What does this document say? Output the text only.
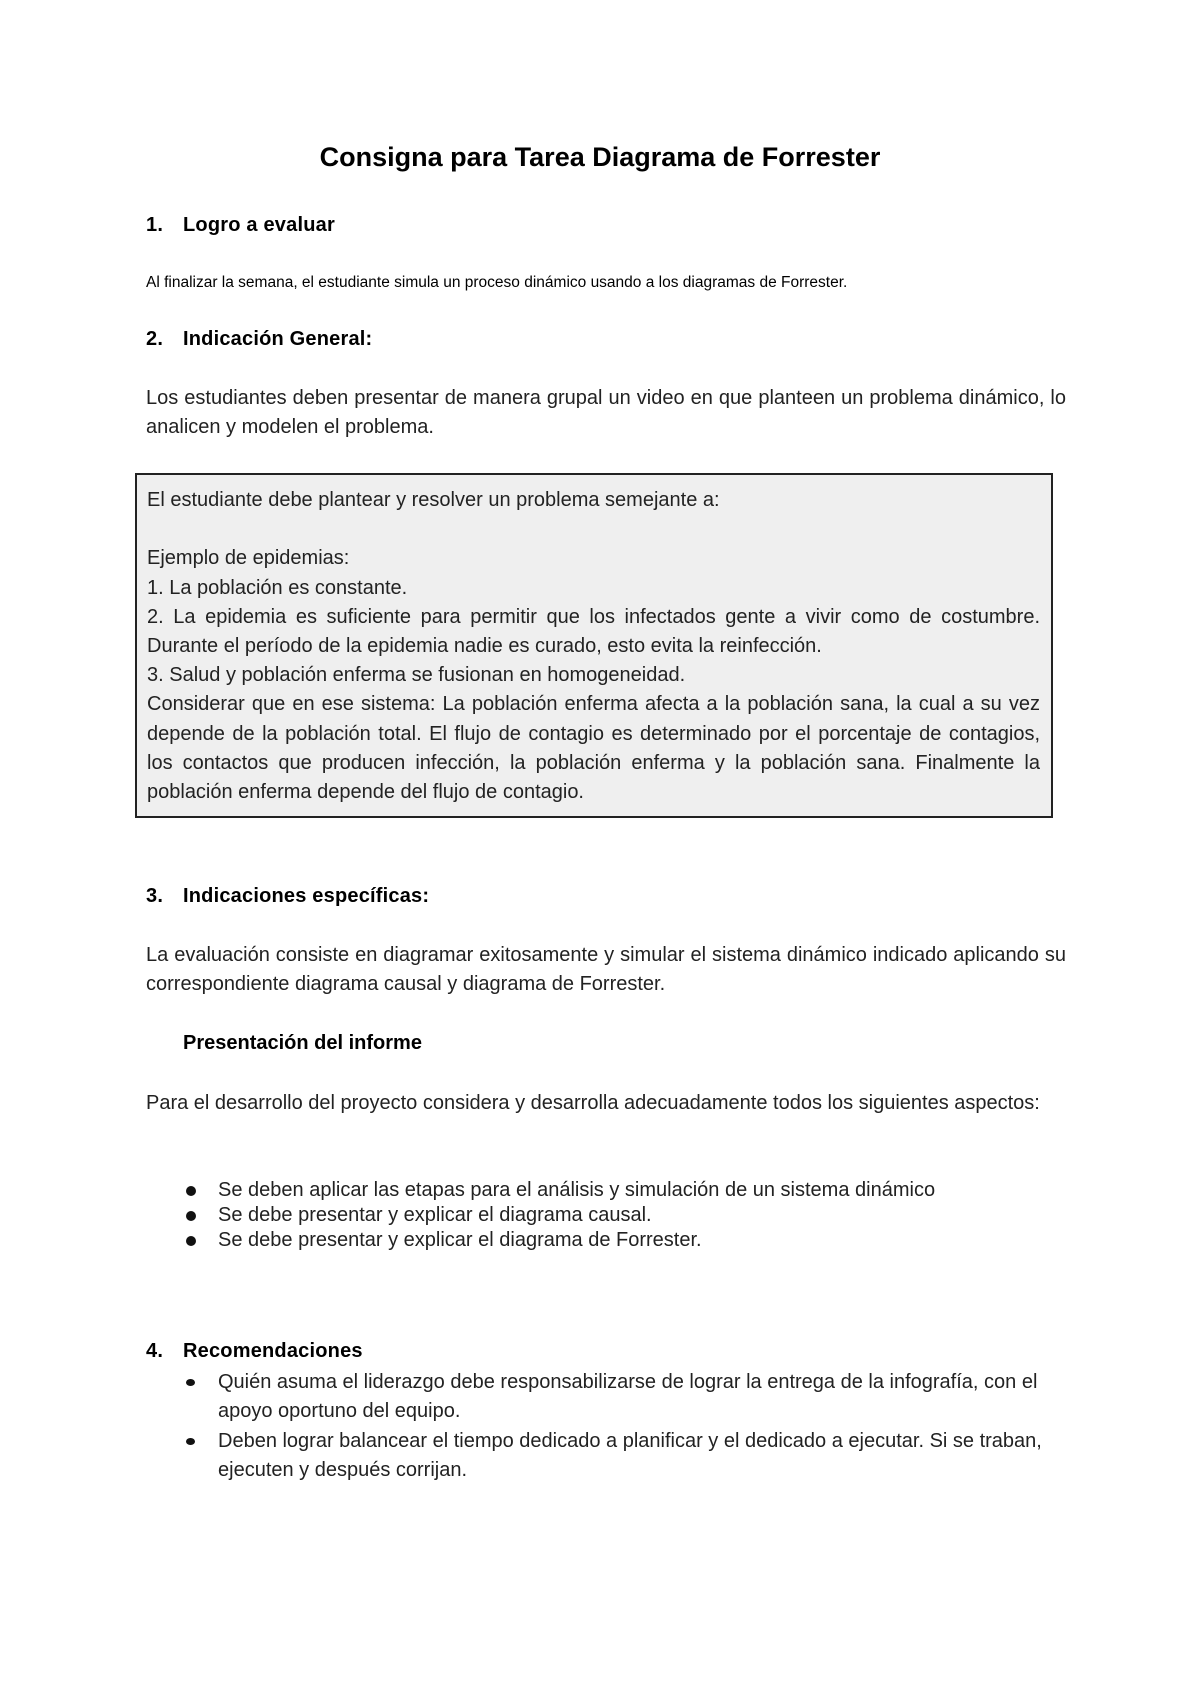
Consigna para Tarea Diagrama de Forrester
1. Logro a evaluar

Al finalizar la semana, el estudiante simula un proceso dinámico usando a los diagramas de Forrester.

2. Indicación General:

Los estudiantes deben presentar de manera grupal un video en que planteen un problema dinámico, lo analicen y modelen el problema.

El estudiante debe plantear y resolver un problema semejante a:

Ejemplo de epidemias:

1. La población es constante.

2. La epidemia es suficiente para permitir que los infectados gente a vivir como de costumbre. Durante el período de la epidemia nadie es curado, esto evita la reinfección.

3. Salud y población enferma se fusionan en homogeneidad.

Considerar que en ese sistema: La población enferma afecta a la población sana, la cual a su vez depende de la población total. El flujo de contagio es determinado por el porcentaje de contagios, los contactos que producen infección, la población enferma y la población sana. Finalmente la población enferma depende del flujo de contagio.

3. Indicaciones específicas:

La evaluación consiste en diagramar exitosamente y simular el sistema dinámico indicado aplicando su correspondiente diagrama causal y diagrama de Forrester.

Presentación del informe

Para el desarrollo del proyecto considera y desarrolla adecuadamente todos los siguientes aspectos:

Se deben aplicar las etapas para el análisis y simulación de un sistema dinámico
Se debe presentar y explicar el diagrama causal.
Se debe presentar y explicar el diagrama de Forrester.
4. Recomendaciones
Quién asuma el liderazgo debe responsabilizarse de lograr la entrega de la infografía, con el apoyo oportuno del equipo.
Deben lograr balancear el tiempo dedicado a planificar y el dedicado a ejecutar. Si se traban, ejecuten y después corrijan.
